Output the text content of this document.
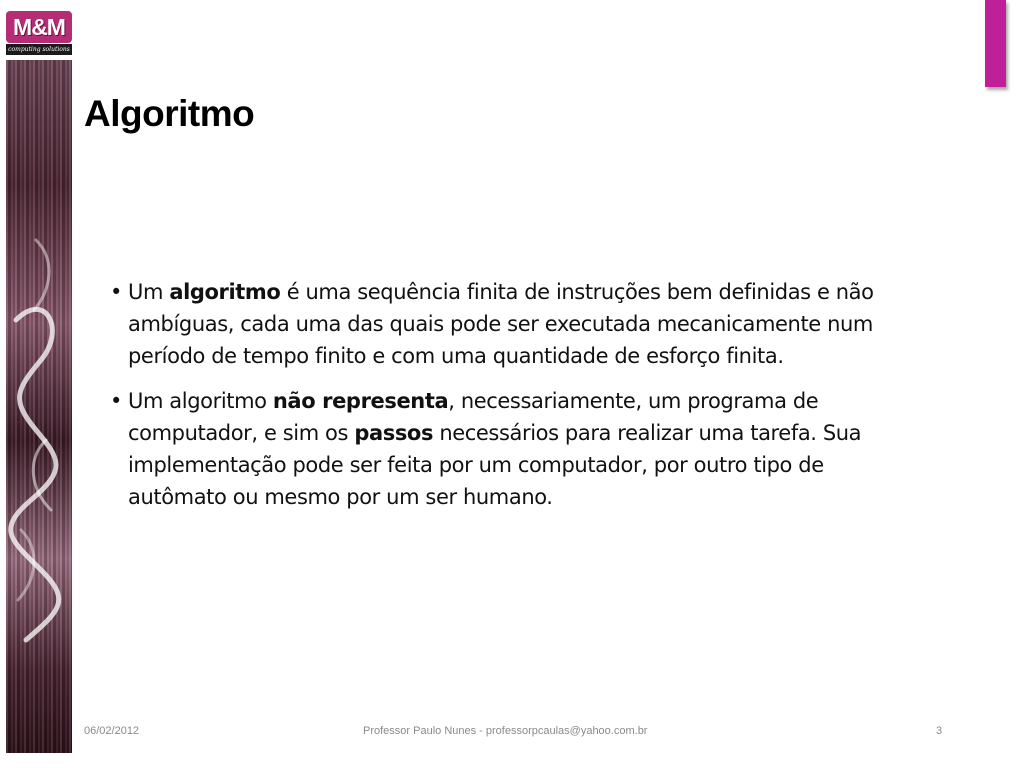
M&M
computing solutions
Algoritmo
• Um algoritmo é uma sequência finita de instruções bem definidas e não ambíguas, cada uma das quais pode ser executada mecanicamente num período de tempo finito e com uma quantidade de esforço finita.
• Um algoritmo não representa, necessariamente, um programa de computador, e sim os passos necessários para realizar uma tarefa. Sua implementação pode ser feita por um computador, por outro tipo de autômato ou mesmo por um ser humano.
06/02/2012	Professor Paulo Nunes - professorpcaulas@yahoo.com.br	3
